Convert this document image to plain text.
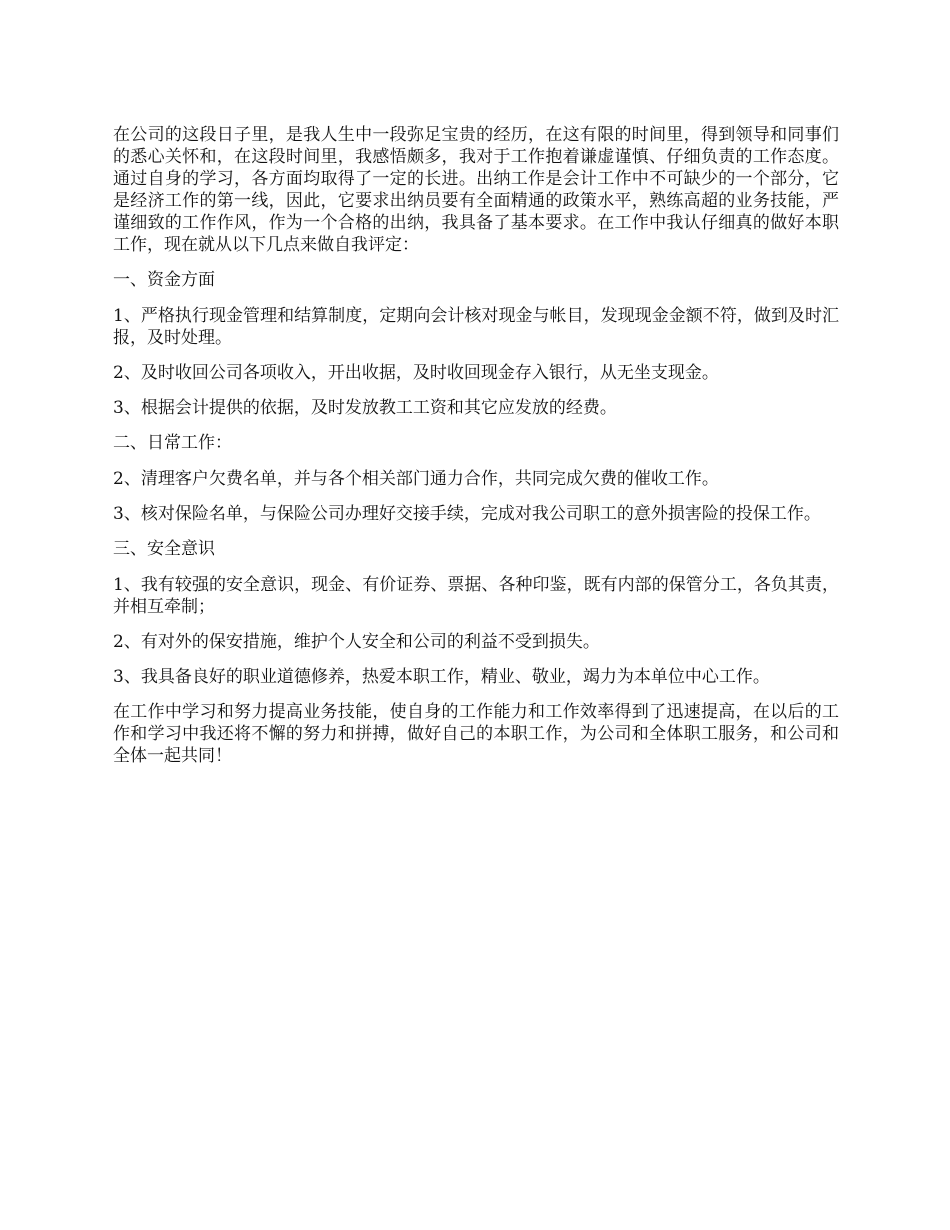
在公司的这段日子里，是我人生中一段弥足宝贵的经历，在这有限的时间里，得到领导和同事们的悉心关怀和，在这段时间里，我感悟颇多，我对于工作抱着谦虚谨慎、仔细负责的工作态度。通过自身的学习，各方面均取得了一定的长进。出纳工作是会计工作中不可缺少的一个部分，它是经济工作的第一线，因此，它要求出纳员要有全面精通的政策水平，熟练高超的业务技能，严谨细致的工作作风，作为一个合格的出纳，我具备了基本要求。在工作中我认仔细真的做好本职工作，现在就从以下几点来做自我评定：

一、资金方面

1、严格执行现金管理和结算制度，定期向会计核对现金与帐目，发现现金金额不符，做到及时汇报，及时处理。

2、及时收回公司各项收入，开出收据，及时收回现金存入银行，从无坐支现金。

3、根据会计提供的依据，及时发放教工工资和其它应发放的经费。

二、日常工作：

2、清理客户欠费名单，并与各个相关部门通力合作，共同完成欠费的催收工作。

3、核对保险名单，与保险公司办理好交接手续，完成对我公司职工的意外损害险的投保工作。

三、安全意识

1、我有较强的安全意识，现金、有价证券、票据、各种印鉴，既有内部的保管分工，各负其责，并相互牵制；

2、有对外的保安措施，维护个人安全和公司的利益不受到损失。

3、我具备良好的职业道德修养，热爱本职工作，精业、敬业，竭力为本单位中心工作。

在工作中学习和努力提高业务技能，使自身的工作能力和工作效率得到了迅速提高，在以后的工作和学习中我还将不懈的努力和拼搏，做好自己的本职工作，为公司和全体职工服务，和公司和全体一起共同！
